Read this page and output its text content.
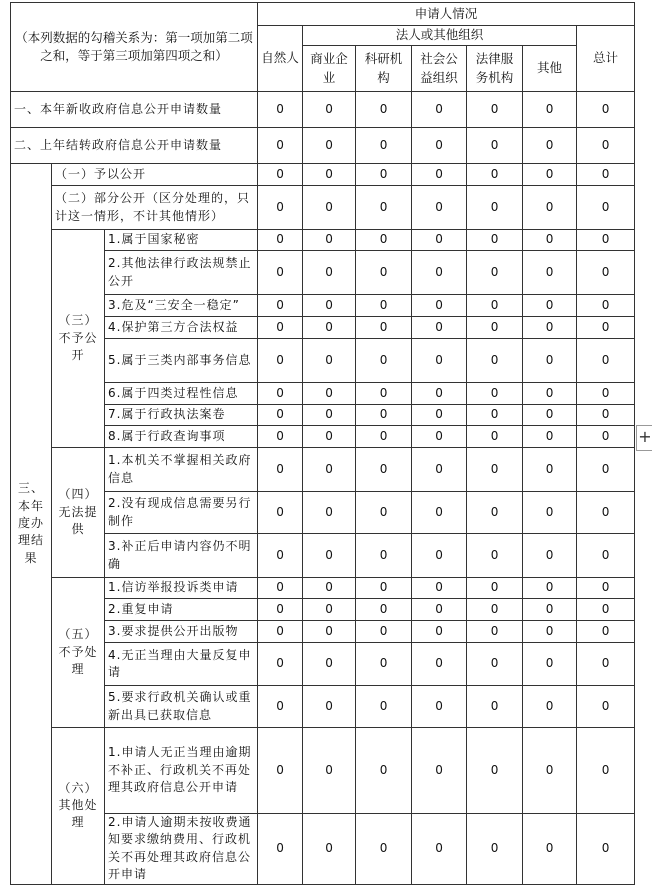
（本列数据的勾稽关系为：第一项加第二项之和，等于第三项加第四项之和）			申请人情况						
			自然人	法人或其他组织					总计
				商业企业	科研机构	社会公益组织	法律服务机构	其他	
一、本年新收政府信息公开申请数量			0	0	0	0	0	0	0
二、上年结转政府信息公开申请数量			0	0	0	0	0	0	0
三、本年度办理结果	（一）予以公开		0	0	0	0	0	0	0
	（二）部分公开（区分处理的，只计这一情形，不计其他情形）		0	0	0	0	0	0	0
	（三）不予公开	1.属于国家秘密	0	0	0	0	0	0	0
		2.其他法律行政法规禁止公开	0	0	0	0	0	0	0
		3.危及“三安全一稳定”	0	0	0	0	0	0	0
		4.保护第三方合法权益	0	0	0	0	0	0	0
		5.属于三类内部事务信息	0	0	0	0	0	0	0
		6.属于四类过程性信息	0	0	0	0	0	0	0
		7.属于行政执法案卷	0	0	0	0	0	0	0
		8.属于行政查询事项	0	0	0	0	0	0	0
	（四）无法提供	1.本机关不掌握相关政府信息	0	0	0	0	0	0	0
		2.没有现成信息需要另行制作	0	0	0	0	0	0	0
		3.补正后申请内容仍不明确	0	0	0	0	0	0	0
	（五）不予处理	1.信访举报投诉类申请	0	0	0	0	0	0	0
		2.重复申请	0	0	0	0	0	0	0
		3.要求提供公开出版物	0	0	0	0	0	0	0
		4.无正当理由大量反复申请	0	0	0	0	0	0	0
		5.要求行政机关确认或重新出具已获取信息	0	0	0	0	0	0	0
	（六）其他处理	1.申请人无正当理由逾期不补正、行政机关不再处理其政府信息公开申请	0	0	0	0	0	0	0
		2.申请人逾期未按收费通知要求缴纳费用、行政机关不再处理其政府信息公开申请	0	0	0	0	0	0	0
+
